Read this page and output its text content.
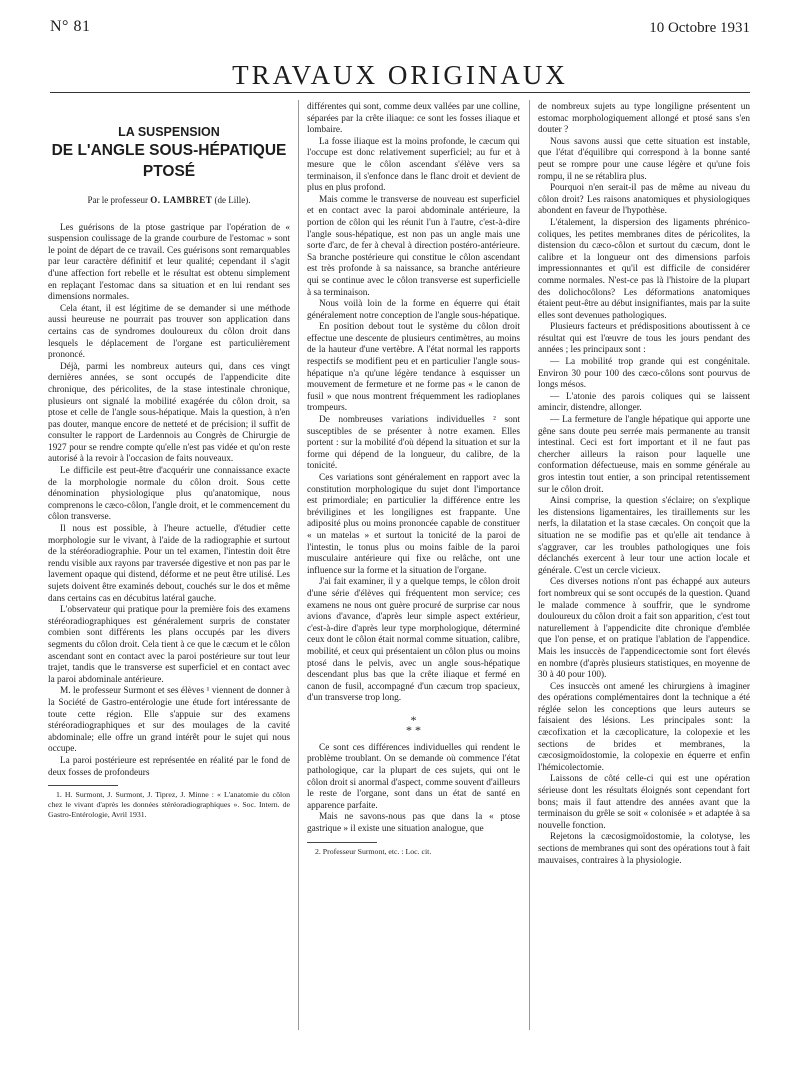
N° 81	10 Octobre 1931
TRAVAUX ORIGINAUX
LA SUSPENSION
DE L'ANGLE SOUS-HÉPATIQUE
PTOSÉ
Par le professeur O. LAMBRET (de Lille).

Les guérisons de la ptose gastrique par l'opération de « suspension coulissage de la grande courbure de l'estomac » sont le point de départ de ce travail. Ces guérisons sont remarquables par leur caractère définitif et leur qualité; cependant il s'agit d'une affection fort rebelle et le résultat est obtenu simplement en replaçant l'estomac dans sa situation et en lui rendant ses dimensions normales.

Cela étant, il est légitime de se demander si une méthode aussi heureuse ne pourrait pas trouver son application dans certains cas de syndromes douloureux du côlon droit dans lesquels le déplacement de l'organe est particulièrement prononcé.

Déjà, parmi les nombreux auteurs qui, dans ces vingt dernières années, se sont occupés de l'appendicite dite chronique, des péricolites, de la stase intestinale chronique, plusieurs ont signalé la mobilité exagérée du côlon droit, sa ptose et celle de l'angle sous-hépatique. Mais la question, à n'en pas douter, manque encore de netteté et de précision; il suffit de consulter le rapport de Lardennois au Congrès de Chirurgie de 1927 pour se rendre compte qu'elle n'est pas vidée et qu'on reste autorisé à la revoir à l'occasion de faits nouveaux.

Le difficile est peut-être d'acquérir une connaissance exacte de la morphologie normale du côlon droit. Sous cette dénomination physiologique plus qu'anatomique, nous comprenons le cæco-côlon, l'angle droit, et le commencement du côlon transverse.

Il nous est possible, à l'heure actuelle, d'étudier cette morphologie sur le vivant, à l'aide de la radiographie et surtout de la stéréoradiographie. Pour un tel examen, l'intestin doit être rendu visible aux rayons par traversée digestive et non pas par le lavement opaque qui distend, déforme et ne peut être utilisé. Les sujets doivent être examinés debout, couchés sur le dos et même dans certains cas en décubitus latéral gauche.

L'observateur qui pratique pour la première fois des examens stéréoradiographiques est généralement surpris de constater combien sont différents les plans occupés par les divers segments du côlon droit. Cela tient à ce que le cæcum et le côlon ascendant sont en contact avec la paroi postérieure sur tout leur trajet, tandis que le transverse est superficiel et en contact avec la paroi abdominale antérieure.

M. le professeur Surmont et ses élèves ¹ viennent de donner à la Société de Gastro-entérologie une étude fort intéressante de toute cette région. Elle s'appuie sur des examens stéréoradiographiques et sur des moulages de la cavité abdominale; elle offre un grand intérêt pour le sujet qui nous occupe.

La paroi postérieure est représentée en réalité par le fond de deux fosses de profondeurs

1. H. Surmont, J. Surmont, J. Tiprez, J. Minne : « L'anatomie du côlon chez le vivant d'après les données stéréoradiographiques ». Soc. Intern. de Gastro-Entérologie, Avril 1931.

différentes qui sont, comme deux vallées par une colline, séparées par la crête iliaque: ce sont les fosses iliaque et lombaire.

La fosse iliaque est la moins profonde, le cæcum qui l'occupe est donc relativement superficiel; au fur et à mesure que le côlon ascendant s'élève vers sa terminaison, il s'enfonce dans le flanc droit et devient de plus en plus profond.

Mais comme le transverse de nouveau est superficiel et en contact avec la paroi abdominale antérieure, la portion de côlon qui les réunit l'un à l'autre, c'est-à-dire l'angle sous-hépatique, est non pas un angle mais une sorte d'arc, de fer à cheval à direction postéro-antérieure. Sa branche postérieure qui constitue le côlon ascendant est très profonde à sa naissance, sa branche antérieure qui se continue avec le côlon transverse est superficielle à sa terminaison.

Nous voilà loin de la forme en équerre qui était généralement notre conception de l'angle sous-hépatique.

En position debout tout le système du côlon droit effectue une descente de plusieurs centimètres, au moins de la hauteur d'une vertèbre. A l'état normal les rapports respectifs se modifient peu et en particulier l'angle sous-hépatique n'a qu'une légère tendance à esquisser un mouvement de fermeture et ne forme pas « le canon de fusil » que nous montrent fréquemment les radioplanes trompeurs.

De nombreuses variations individuelles ² sont susceptibles de se présenter à notre examen. Elles portent : sur la mobilité d'où dépend la situation et sur la forme qui dépend de la longueur, du calibre, de la tonicité.

Ces variations sont généralement en rapport avec la constitution morphologique du sujet dont l'importance est primordiale; en particulier la différence entre les bréviligines et les longilignes est frappante. Une adiposité plus ou moins prononcée capable de constituer « un matelas » et surtout la tonicité de la paroi de l'intestin, le tonus plus ou moins faible de la paroi musculaire antérieure qui fixe ou relâche, ont une influence sur la forme et la situation de l'organe.

J'ai fait examiner, il y a quelque temps, le côlon droit d'une série d'élèves qui fréquentent mon service; ces examens ne nous ont guère procuré de surprise car nous avions d'avance, d'après leur simple aspect extérieur, c'est-à-dire d'après leur type morphologique, déterminé ceux dont le côlon était normal comme situation, calibre, mobilité, et ceux qui présentaient un côlon plus ou moins ptosé dans le pelvis, avec un angle sous-hépatique descendant plus bas que la crête iliaque et fermé en canon de fusil, accompagné d'un cæcum trop spacieux, d'un transverse trop long.

*
* *

Ce sont ces différences individuelles qui rendent le problème troublant. On se demande où commence l'état pathologique, car la plupart de ces sujets, qui ont le côlon droit si anormal d'aspect, comme souvent d'ailleurs le reste de l'organe, sont dans un état de santé en apparence parfaite.

Mais ne savons-nous pas que dans la « ptose gastrique » il existe une situation analogue, que

2. Professeur Surmont, etc. : Loc. cit.

de nombreux sujets au type longiligne présentent un estomac morphologiquement allongé et ptosé sans s'en douter ?

Nous savons aussi que cette situation est instable, que l'état d'équilibre qui correspond à la bonne santé peut se rompre pour une cause légère et qu'une fois rompu, il ne se rétablira plus.

Pourquoi n'en serait-il pas de même au niveau du côlon droit? Les raisons anatomiques et physiologiques abondent en faveur de l'hypothèse.

L'étalement, la dispersion des ligaments phrénico-coliques, les petites membranes dites de péricolites, la distension du cæco-côlon et surtout du cæcum, dont le calibre et la longueur ont des dimensions parfois impressionnantes et qu'il est difficile de considérer comme normales. N'est-ce pas là l'histoire de la plupart des dolichocôlons? Les déformations anatomiques étaient peut-être au début insignifiantes, mais par la suite elles sont devenues pathologiques.

Plusieurs facteurs et prédispositions aboutissent à ce résultat qui est l'œuvre de tous les jours pendant des années ; les principaux sont :

— La mobilité trop grande qui est congénitale. Environ 30 pour 100 des cæco-côlons sont pourvus de longs mésos.

— L'atonie des parois coliques qui se laissent amincir, distendre, allonger.

— La fermeture de l'angle hépatique qui apporte une gêne sans doute peu serrée mais permanente au transit intestinal. Ceci est fort important et il ne faut pas chercher ailleurs la raison pour laquelle une conformation défectueuse, mais en somme générale au gros intestin tout entier, a son principal retentissement sur le côlon droit.

Ainsi comprise, la question s'éclaire; on s'explique les distensions ligamentaires, les tiraillements sur les nerfs, la dilatation et la stase cæcales. On conçoit que la situation ne se modifie pas et qu'elle ait tendance à s'aggraver, car les troubles pathologiques une fois déclanchés exercent à leur tour une action locale et générale. C'est un cercle vicieux.

Ces diverses notions n'ont pas échappé aux auteurs fort nombreux qui se sont occupés de la question. Quand le malade commence à souffrir, que le syndrome douloureux du côlon droit a fait son apparition, c'est tout naturellement à l'appendicite dite chronique d'emblée que l'on pense, et on pratique l'ablation de l'appendice. Mais les insuccès de l'appendicectomie sont fort élevés en nombre (d'après plusieurs statistiques, en moyenne de 30 à 40 pour 100).

Ces insuccès ont amené les chirurgiens à imaginer des opérations complémentaires dont la technique a été réglée selon les conceptions que leurs auteurs se faisaient des lésions. Les principales sont: la cæcofixation et la cæcoplicature, la colopexie et les sections de brides et membranes, la cæcosigmoïdostomie, la colopexie en équerre et enfin l'hémicolectomie.

Laissons de côté celle-ci qui est une opération sérieuse dont les résultats éloignés sont cependant fort bons; mais il faut attendre des années avant que la terminaison du grêle se soit « colonisée » et adaptée à sa nouvelle fonction.

Rejetons la cæcosigmoïdostomie, la colotyse, les sections de membranes qui sont des opérations tout à fait mauvaises, contraires à la physiologie.
